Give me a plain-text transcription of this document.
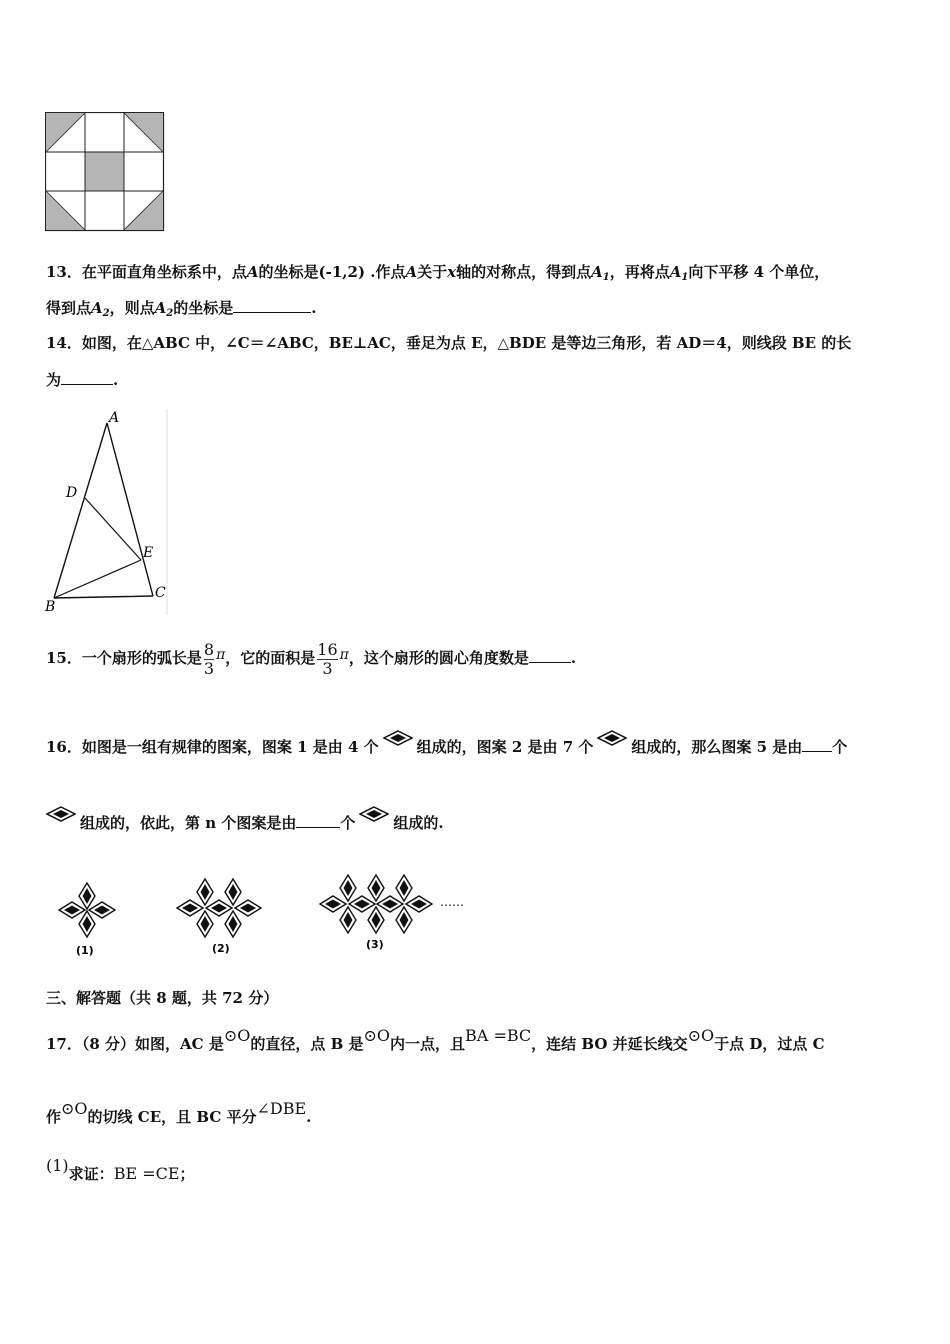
13．在平面直角坐标系中，点A的坐标是(-1,2) .作点A关于x轴的对称点，得到点$A_1$，再将点$A_1$向下平移 4 个单位，
得到点$A_2$，则点$A_2$的坐标是	.
14．如图，在△ABC 中，∠C＝∠ABC，BE⊥AC，垂足为点 E，△BDE 是等边三角形，若 AD＝4，则线段 BE 的长
为	.
A
D
E
B
C
15．一个扇形的弧长是 $\frac{8}{3}$ π，它的面积是 $\frac{16}{3}$ π，这个扇形的圆心角度数是	.
16．如图是一组有规律的图案，图案 1 是由 4 个	组成的，图案 2 是由 7 个	组成的，那么图案 5 是由 个
组成的，依此，第 n 个图案是由	个	组成的.
……
(1)	(2)	(3)
三、解答题（共 8 题，共 72 分）
17．（8 分）如图，AC 是⊙O的直径，点 B 是⊙O内一点，且BA =BC，连结 BO 并延长线交⊙O于点 D，过点 C
作⊙O的切线 CE，且 BC 平分∠DBE.
(1)求证：BE =CE；
